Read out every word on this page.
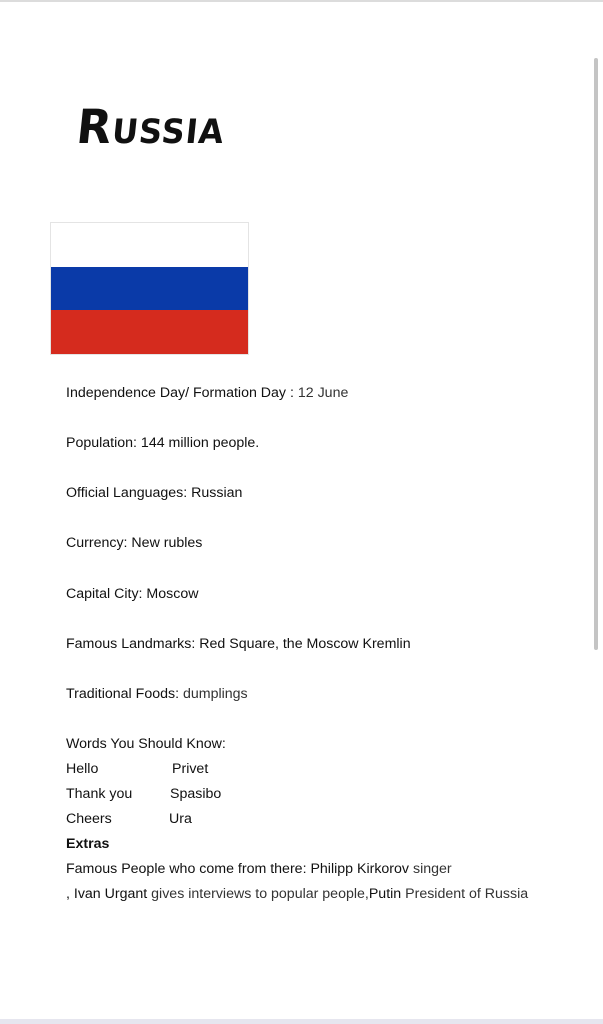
Russia
Independence Day/ Formation Day : 12 June
Population: 144 million people.
Official Languages: Russian
Currency: New rubles
Capital City: Moscow
Famous Landmarks: Red Square, the Moscow Kremlin
Traditional Foods: dumplings
Words You Should Know:
Hello	Privet
Thank you	Spasibo
Cheers	Ura
Extras
Famous People who come from there: Philipp Kirkorov singer
, Ivan Urgant gives interviews to popular people,Putin President of Russia
